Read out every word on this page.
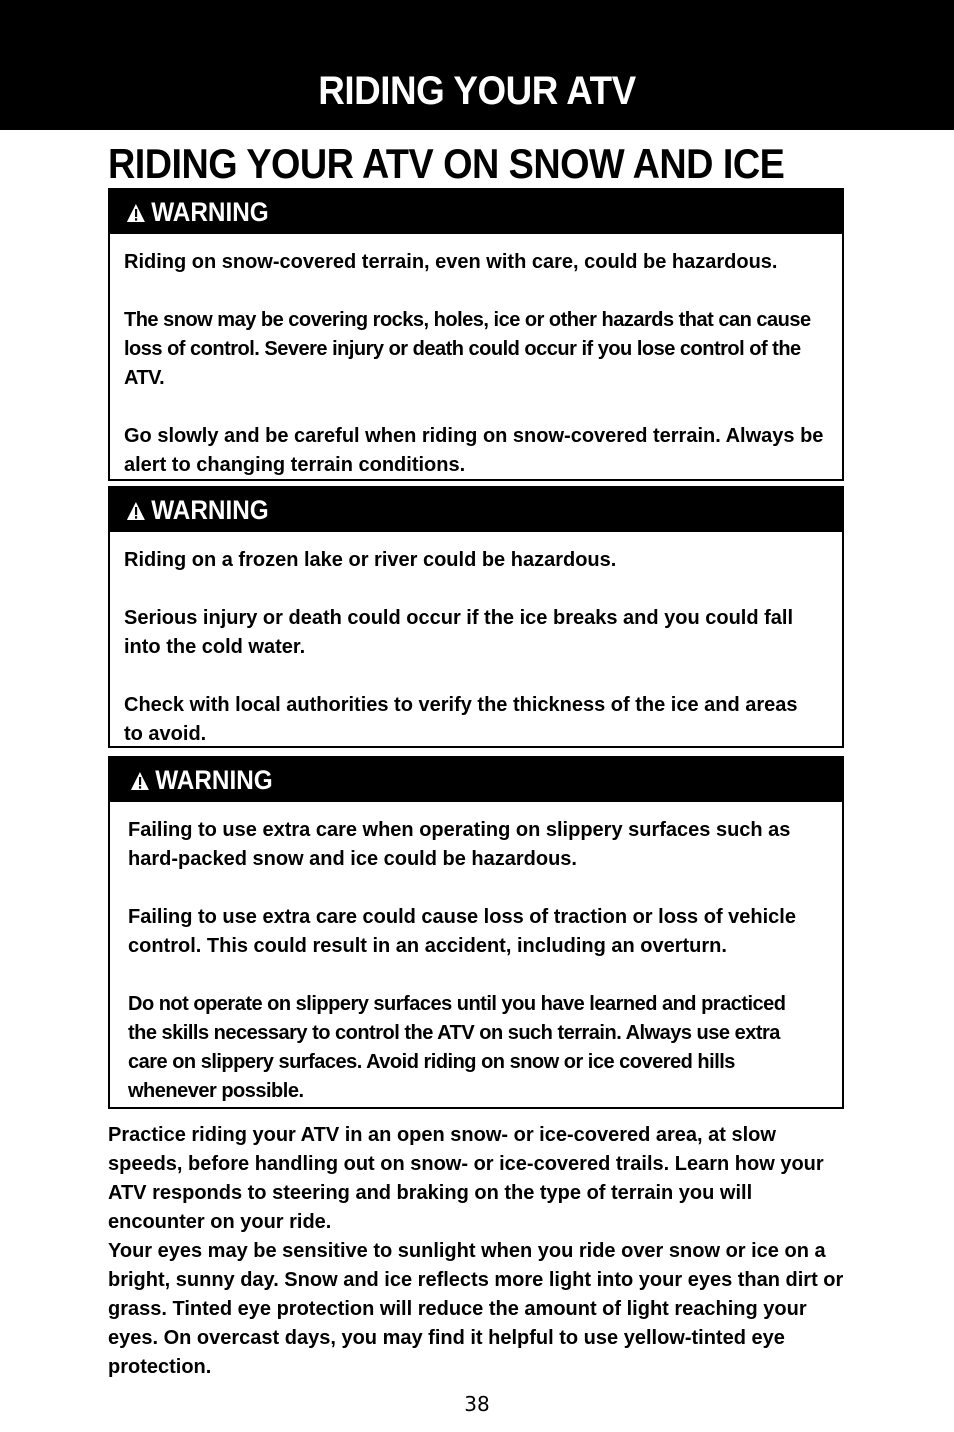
RIDING YOUR ATV
RIDING YOUR ATV ON SNOW AND ICE
WARNING

Riding on snow-covered terrain, even with care, could be hazardous.

The snow may be covering rocks, holes, ice or other hazards that can cause loss of control. Severe injury or death could occur if you lose control of the ATV.

Go slowly and be careful when riding on snow-covered terrain. Always be alert to changing terrain conditions.

WARNING

Riding on a frozen lake or river could be hazardous.

Serious injury or death could occur if the ice breaks and you could fall into the cold water.

Check with local authorities to verify the thickness of the ice and areas to avoid.

WARNING

Failing to use extra care when operating on slippery surfaces such as hard-packed snow and ice could be hazardous.

Failing to use extra care could cause loss of traction or loss of vehicle control. This could result in an accident, including an overturn.

Do not operate on slippery surfaces until you have learned and practiced the skills necessary to control the ATV on such terrain. Always use extra care on slippery surfaces. Avoid riding on snow or ice covered hills whenever possible.

Practice riding your ATV in an open snow- or ice-covered area, at slow speeds, before handling out on snow- or ice-covered trails. Learn how your ATV responds to steering and braking on the type of terrain you will encounter on your ride.

Your eyes may be sensitive to sunlight when you ride over snow or ice on a bright, sunny day. Snow and ice reflects more light into your eyes than dirt or grass. Tinted eye protection will reduce the amount of light reaching your eyes. On overcast days, you may find it helpful to use yellow-tinted eye protection.

38
